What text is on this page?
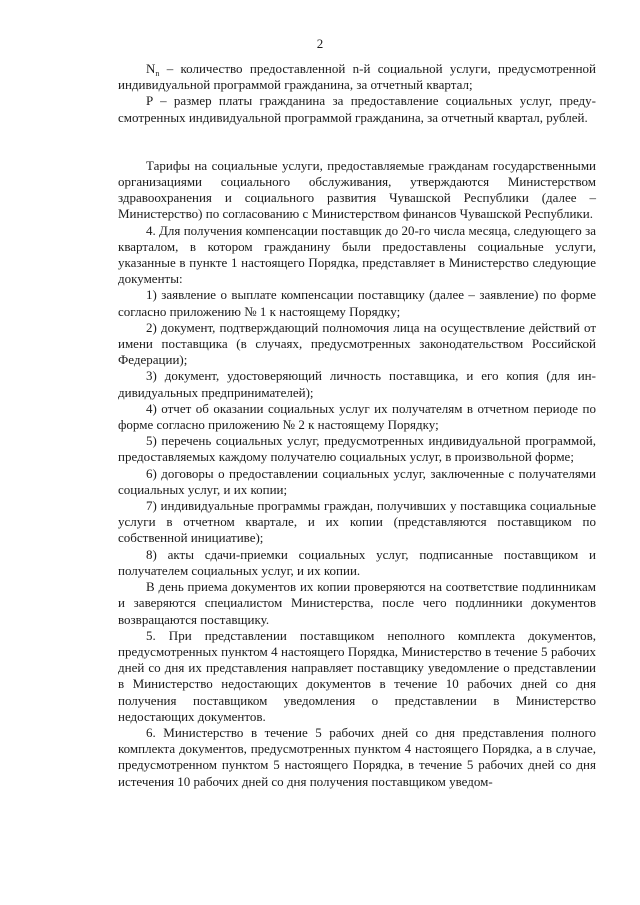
2

$N_n$ – количество предоставленной n-й социальной услуги, предусмотренной индивидуальной программой гражданина, за отчетный квартал;

P – размер платы гражданина за предоставление социальных услуг, предусмотренных индивидуальной программой гражданина, за отчетный квартал, рублей.

Тарифы на социальные услуги, предоставляемые гражданам государственными организациями социального обслуживания, утверждаются Министерством здравоохранения и социального развития Чувашской Республики (далее – Министерство) по согласованию с Министерством финансов Чувашской Республики.

4. Для получения компенсации поставщик до 20-го числа месяца, следующего за кварталом, в котором гражданину были предоставлены социальные услуги, указанные в пункте 1 настоящего Порядка, представляет в Министерство следующие документы:

1) заявление о выплате компенсации поставщику (далее – заявление) по форме согласно приложению № 1 к настоящему Порядку;

2) документ, подтверждающий полномочия лица на осуществление действий от имени поставщика (в случаях, предусмотренных законодательством Российской Федерации);

3) документ, удостоверяющий личность поставщика, и его копия (для индивидуальных предпринимателей);

4) отчет об оказании социальных услуг их получателям в отчетном периоде по форме согласно приложению № 2 к настоящему Порядку;

5) перечень социальных услуг, предусмотренных индивидуальной программой, предоставляемых каждому получателю социальных услуг, в произвольной форме;

6) договоры о предоставлении социальных услуг, заключенные с получателями социальных услуг, и их копии;

7) индивидуальные программы граждан, получивших у поставщика социальные услуги в отчетном квартале, и их копии (представляются поставщиком по собственной инициативе);

8) акты сдачи-приемки социальных услуг, подписанные поставщиком и получателем социальных услуг, и их копии.

В день приема документов их копии проверяются на соответствие подлинникам и заверяются специалистом Министерства, после чего подлинники документов возвращаются поставщику.

5. При представлении поставщиком неполного комплекта документов, предусмотренных пунктом 4 настоящего Порядка, Министерство в течение 5 рабочих дней со дня их представления направляет поставщику уведомление о представлении в Министерство недостающих документов в течение 10 рабочих дней со дня получения поставщиком уведомления о представлении в Министерство недостающих документов.

6. Министерство в течение 5 рабочих дней со дня представления полного комплекта документов, предусмотренных пунктом 4 настоящего Порядка, а в случае, предусмотренном пунктом 5 настоящего Порядка, в течение 5 рабочих дней со дня истечения 10 рабочих дней со дня получения поставщиком уведом-
